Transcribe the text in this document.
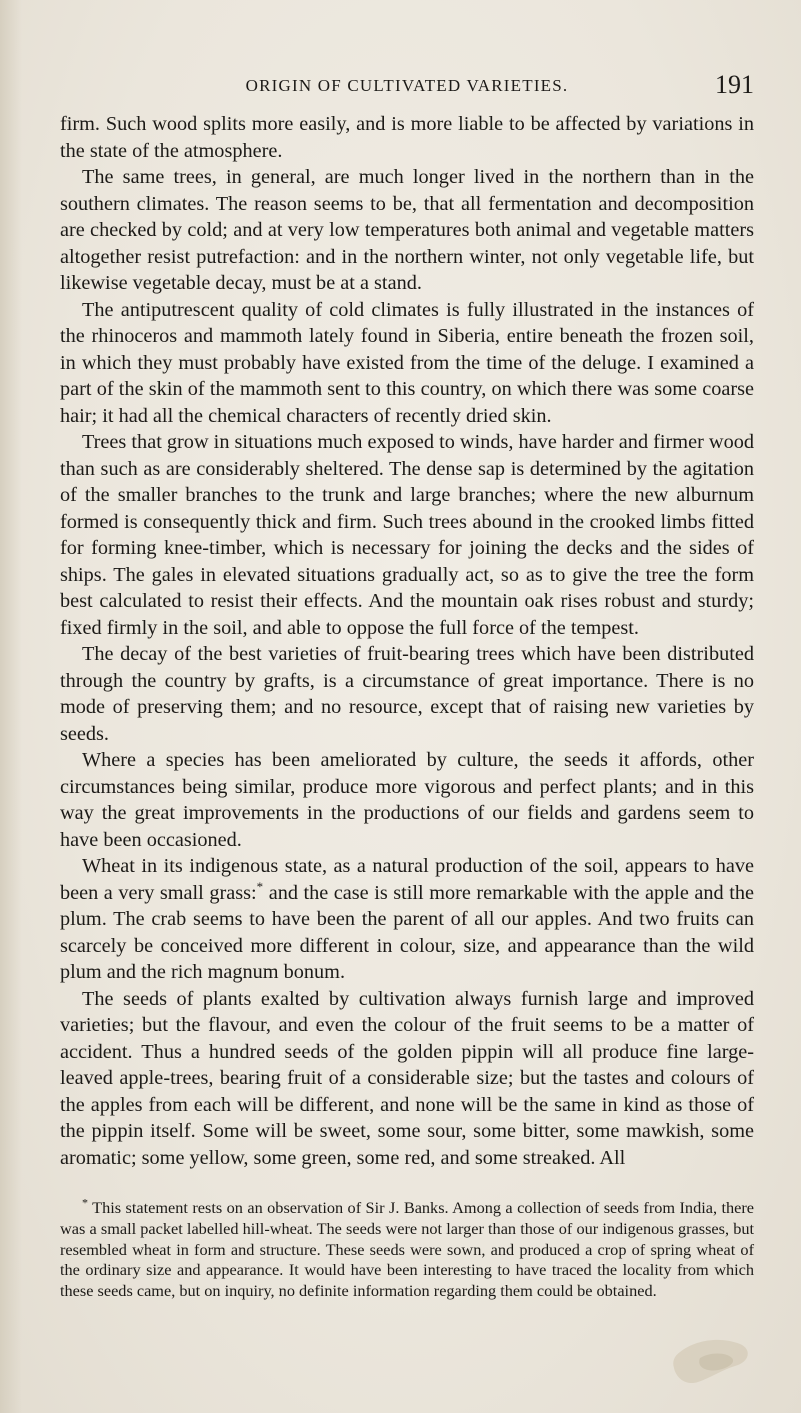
ORIGIN OF CULTIVATED VARIETIES.	191

firm. Such wood splits more easily, and is more liable to be affected by variations in the state of the atmosphere.

The same trees, in general, are much longer lived in the northern than in the southern climates. The reason seems to be, that all fermentation and decomposition are checked by cold; and at very low temperatures both animal and vegetable matters altogether resist putrefaction: and in the northern winter, not only vegetable life, but likewise vegetable decay, must be at a stand.

The antiputrescent quality of cold climates is fully illustrated in the instances of the rhinoceros and mammoth lately found in Siberia, entire beneath the frozen soil, in which they must probably have existed from the time of the deluge. I examined a part of the skin of the mammoth sent to this country, on which there was some coarse hair; it had all the chemical characters of recently dried skin.

Trees that grow in situations much exposed to winds, have harder and firmer wood than such as are considerably sheltered. The dense sap is determined by the agitation of the smaller branches to the trunk and large branches; where the new alburnum formed is consequently thick and firm. Such trees abound in the crooked limbs fitted for forming knee-timber, which is necessary for joining the decks and the sides of ships. The gales in elevated situations gradually act, so as to give the tree the form best calculated to resist their effects. And the mountain oak rises robust and sturdy; fixed firmly in the soil, and able to oppose the full force of the tempest.

The decay of the best varieties of fruit-bearing trees which have been distributed through the country by grafts, is a circumstance of great importance. There is no mode of preserving them; and no resource, except that of raising new varieties by seeds.

Where a species has been ameliorated by culture, the seeds it affords, other circumstances being similar, produce more vigorous and perfect plants; and in this way the great improvements in the productions of our fields and gardens seem to have been occasioned.

Wheat in its indigenous state, as a natural production of the soil, appears to have been a very small grass:* and the case is still more remarkable with the apple and the plum. The crab seems to have been the parent of all our apples. And two fruits can scarcely be conceived more different in colour, size, and appearance than the wild plum and the rich magnum bonum.

The seeds of plants exalted by cultivation always furnish large and improved varieties; but the flavour, and even the colour of the fruit seems to be a matter of accident. Thus a hundred seeds of the golden pippin will all produce fine large-leaved apple-trees, bearing fruit of a considerable size; but the tastes and colours of the apples from each will be different, and none will be the same in kind as those of the pippin itself. Some will be sweet, some sour, some bitter, some mawkish, some aromatic; some yellow, some green, some red, and some streaked. All

* This statement rests on an observation of Sir J. Banks. Among a collection of seeds from India, there was a small packet labelled hill-wheat. The seeds were not larger than those of our indigenous grasses, but resembled wheat in form and structure. These seeds were sown, and produced a crop of spring wheat of the ordinary size and appearance. It would have been interesting to have traced the locality from which these seeds came, but on inquiry, no definite information regarding them could be obtained.
